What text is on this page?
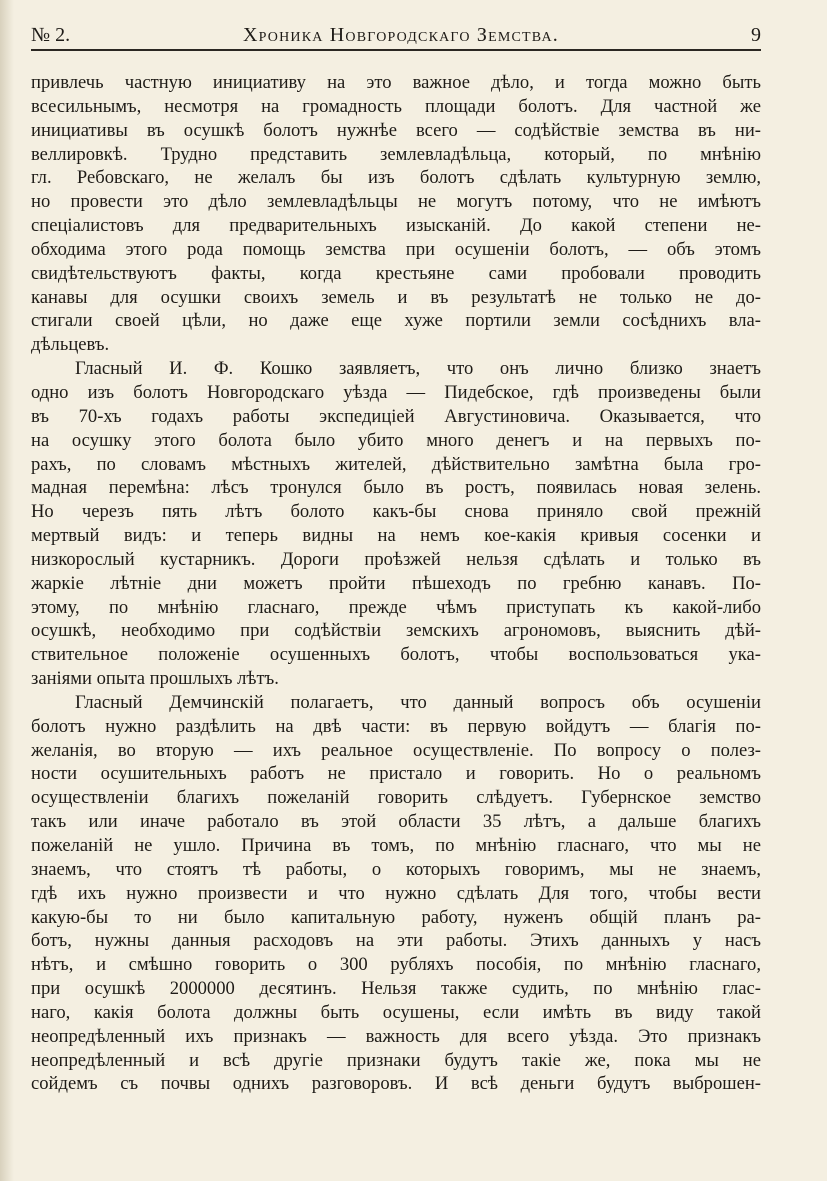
№ 2.	Хроника Новгородскаго Земства.	9
привлечь частную инициативу на это важное дѣло, и тогда можно быть
всесильнымъ, несмотря на громадность площади болотъ. Для частной же
инициативы въ осушкѣ болотъ нужнѣе всего — содѣйствіе земства въ ни-
веллировкѣ. Трудно представить землевладѣльца, который, по мнѣнію
гл. Ребовскаго, не желалъ бы изъ болотъ сдѣлать культурную землю,
но провести это дѣло землевладѣльцы не могутъ потому, что не имѣютъ
спеціалистовъ для предварительныхъ изысканій. До какой степени не-
обходима этого рода помощь земства при осушеніи болотъ, — объ этомъ
свидѣтельствуютъ факты, когда крестьяне сами пробовали проводить
канавы для осушки своихъ земель и въ результатѣ не только не до-
стигали своей цѣли, но даже еще хуже портили земли сосѣднихъ вла-
дѣльцевъ.
Гласный И. Ф. Кошко заявляетъ, что онъ лично близко знаетъ
одно изъ болотъ Новгородскаго уѣзда — Пидебское, гдѣ произведены были
въ 70-хъ годахъ работы экспедиціей Августиновича. Оказывается, что
на осушку этого болота было убито много денегъ и на первыхъ по-
рахъ, по словамъ мѣстныхъ жителей, дѣйствительно замѣтна была гро-
мадная перемѣна: лѣсъ тронулся было въ ростъ, появилась новая зелень.
Но черезъ пять лѣтъ болото какъ-бы снова приняло свой прежній
мертвый видъ: и теперь видны на немъ кое-какія кривыя сосенки и
низкорослый кустарникъ. Дороги проѣзжей нельзя сдѣлать и только въ
жаркіе лѣтніе дни можетъ пройти пѣшеходъ по гребню канавъ. По-
этому, по мнѣнію гласнаго, прежде чѣмъ приступать къ какой-либо
осушкѣ, необходимо при содѣйствіи земскихъ агрономовъ, выяснить дѣй-
ствительное положеніе осушенныхъ болотъ, чтобы воспользоваться ука-
заніями опыта прошлыхъ лѣтъ.
Гласный Демчинскій полагаетъ, что данный вопросъ объ осушеніи
болотъ нужно раздѣлить на двѣ части: въ первую войдутъ — благія по-
желанія, во вторую — ихъ реальное осуществленіе. По вопросу о полез-
ности осушительныхъ работъ не пристало и говорить. Но о реальномъ
осуществленіи благихъ пожеланій говорить слѣдуетъ. Губернское земство
такъ или иначе работало въ этой области 35 лѣтъ, а дальше благихъ
пожеланій не ушло. Причина въ томъ, по мнѣнію гласнаго, что мы не
знаемъ, что стоятъ тѣ работы, о которыхъ говоримъ, мы не знаемъ,
гдѣ ихъ нужно произвести и что нужно сдѣлать Для того, чтобы вести
какую-бы то ни было капитальную работу, нуженъ общій планъ ра-
ботъ, нужны данныя расходовъ на эти работы. Этихъ данныхъ у насъ
нѣтъ, и смѣшно говорить о 300 рубляхъ пособія, по мнѣнію гласнаго,
при осушкѣ 2000000 десятинъ. Нельзя также судить, по мнѣнію глас-
наго, какія болота должны быть осушены, если имѣть въ виду такой
неопредѣленный ихъ признакъ — важность для всего уѣзда. Это признакъ
неопредѣленный и всѣ другіе признаки будутъ такіе же, пока мы не
сойдемъ съ почвы однихъ разговоровъ. И всѣ деньги будутъ выброшен-
